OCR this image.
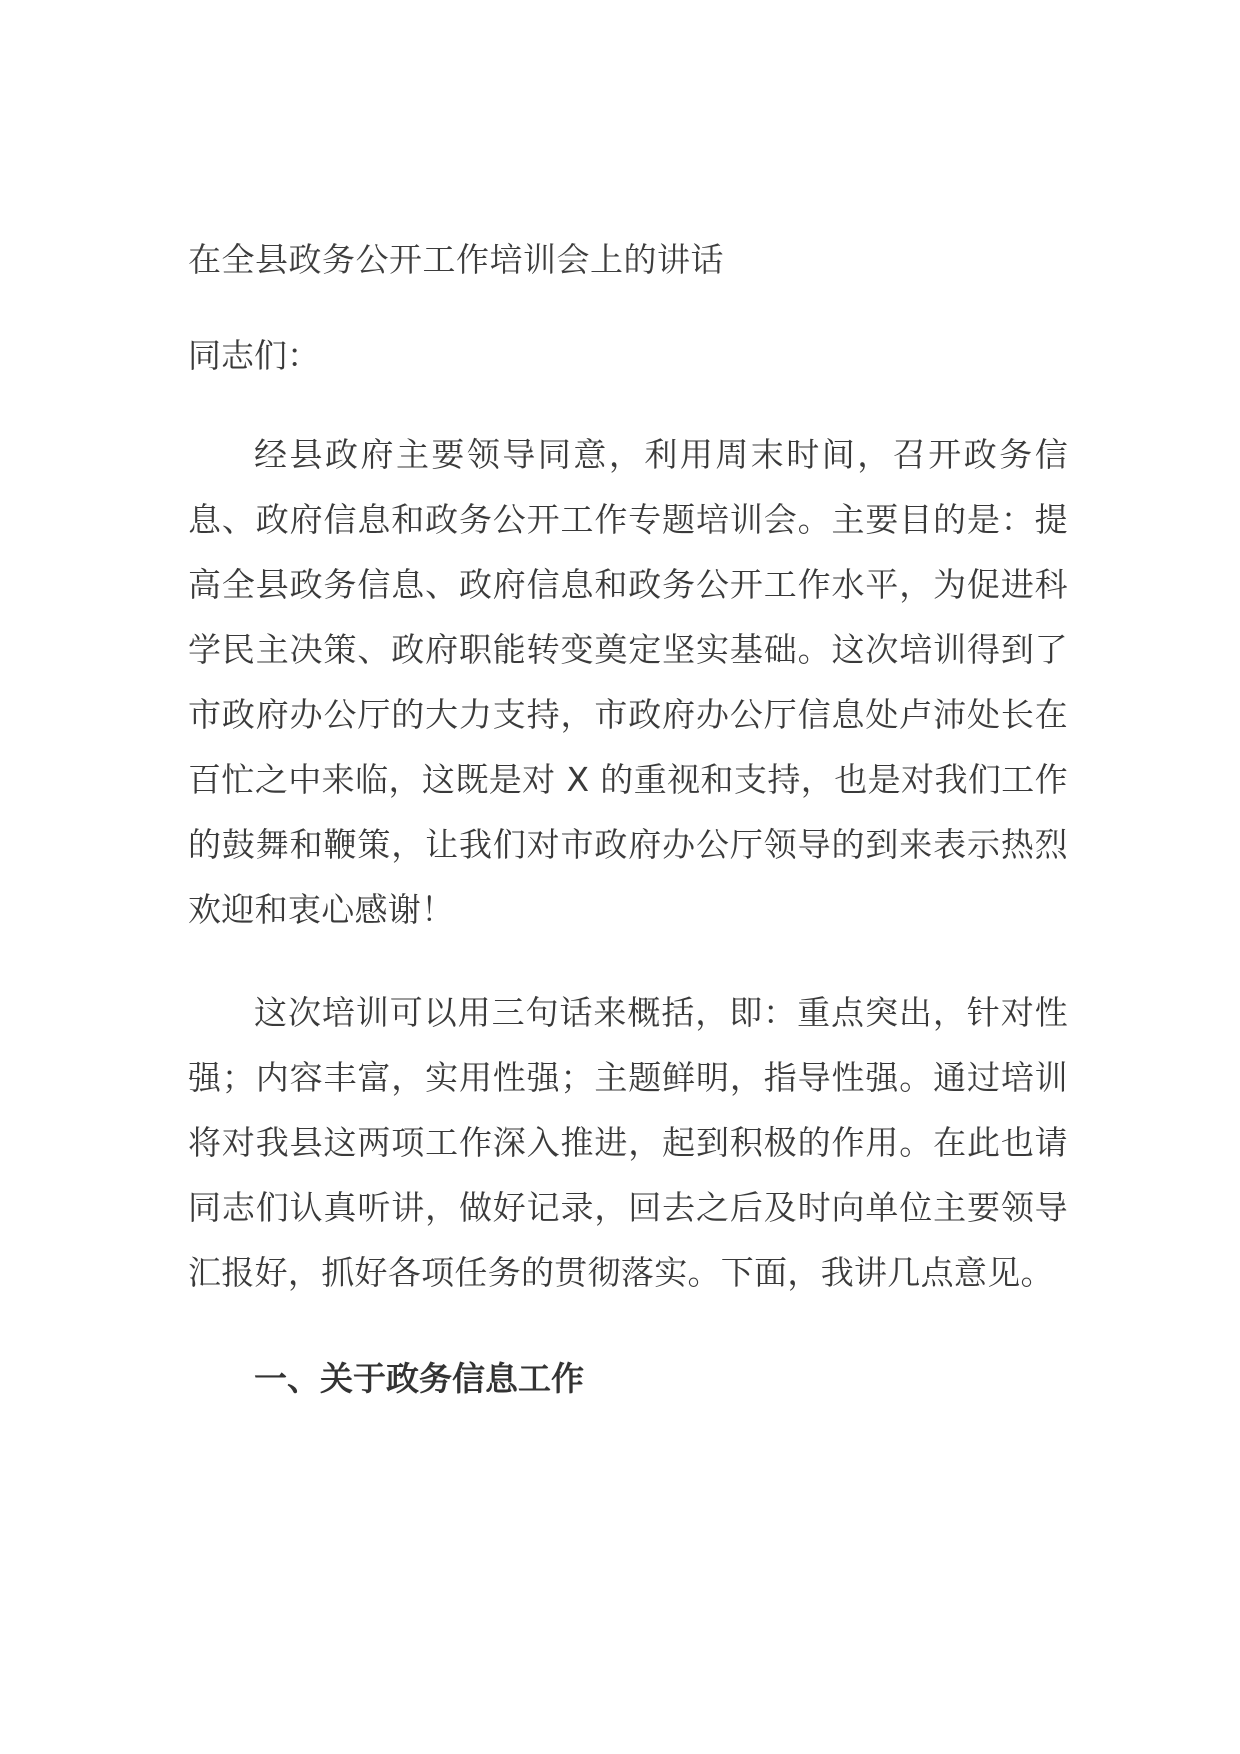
在全县政务公开工作培训会上的讲话

同志们：

经县政府主要领导同意，利用周末时间，召开政务信息、政府信息和政务公开工作专题培训会。主要目的是：提高全县政务信息、政府信息和政务公开工作水平，为促进科学民主决策、政府职能转变奠定坚实基础。这次培训得到了市政府办公厅的大力支持，市政府办公厅信息处卢沛处长在百忙之中来临，这既是对 X 的重视和支持，也是对我们工作的鼓舞和鞭策，让我们对市政府办公厅领导的到来表示热烈欢迎和衷心感谢！

这次培训可以用三句话来概括，即：重点突出，针对性强；内容丰富，实用性强；主题鲜明，指导性强。通过培训将对我县这两项工作深入推进，起到积极的作用。在此也请同志们认真听讲，做好记录，回去之后及时向单位主要领导汇报好，抓好各项任务的贯彻落实。下面，我讲几点意见。

一、关于政务信息工作
